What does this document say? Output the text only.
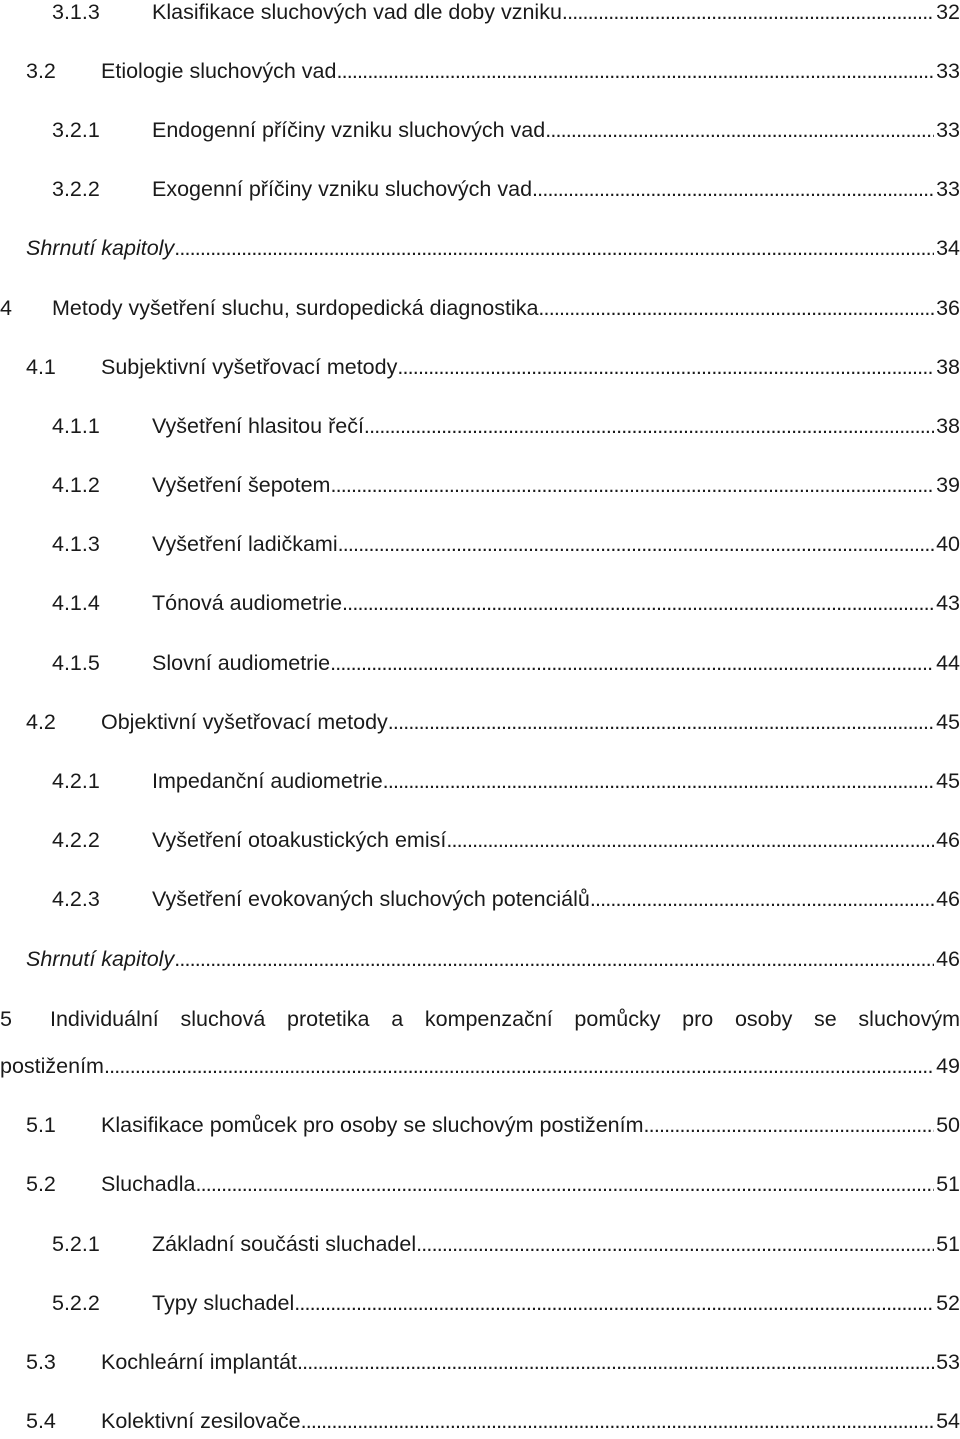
3.1.3 Klasifikace sluchových vad dle doby vzniku . . .	32
3.2 Etiologie sluchových vad . . .	33
3.2.1 Endogenní příčiny vzniku sluchových vad . . .	33
3.2.2 Exogenní příčiny vzniku sluchových vad . . .	33
Shrnutí kapitoly . . .	34
4 Metody vyšetření sluchu, surdopedická diagnostika . . .	36
4.1 Subjektivní vyšetřovací metody . . .	38
4.1.1 Vyšetření hlasitou řečí . . .	38
4.1.2 Vyšetření šepotem . . .	39
4.1.3 Vyšetření ladičkami . . .	40
4.1.4 Tónová audiometrie . . .	43
4.1.5 Slovní audiometrie . . .	44
4.2 Objektivní vyšetřovací metody . . .	45
4.2.1 Impedanční audiometrie . . .	45
4.2.2 Vyšetření otoakustických emisí . . .	46
4.2.3 Vyšetření evokovaných sluchových potenciálů . . .	46
Shrnutí kapitoly . . .	46
5 Individuální sluchová protetika a kompenzační pomůcky pro osoby se sluchovým
postižením . . .	49
5.1 Klasifikace pomůcek pro osoby se sluchovým postižením . . .	50
5.2 Sluchadla . . .	51
5.2.1 Základní součásti sluchadel . . .	51
5.2.2 Typy sluchadel . . .	52
5.3 Kochleární implantát . . .	53
5.4 Kolektivní zesilovače . . .	54
